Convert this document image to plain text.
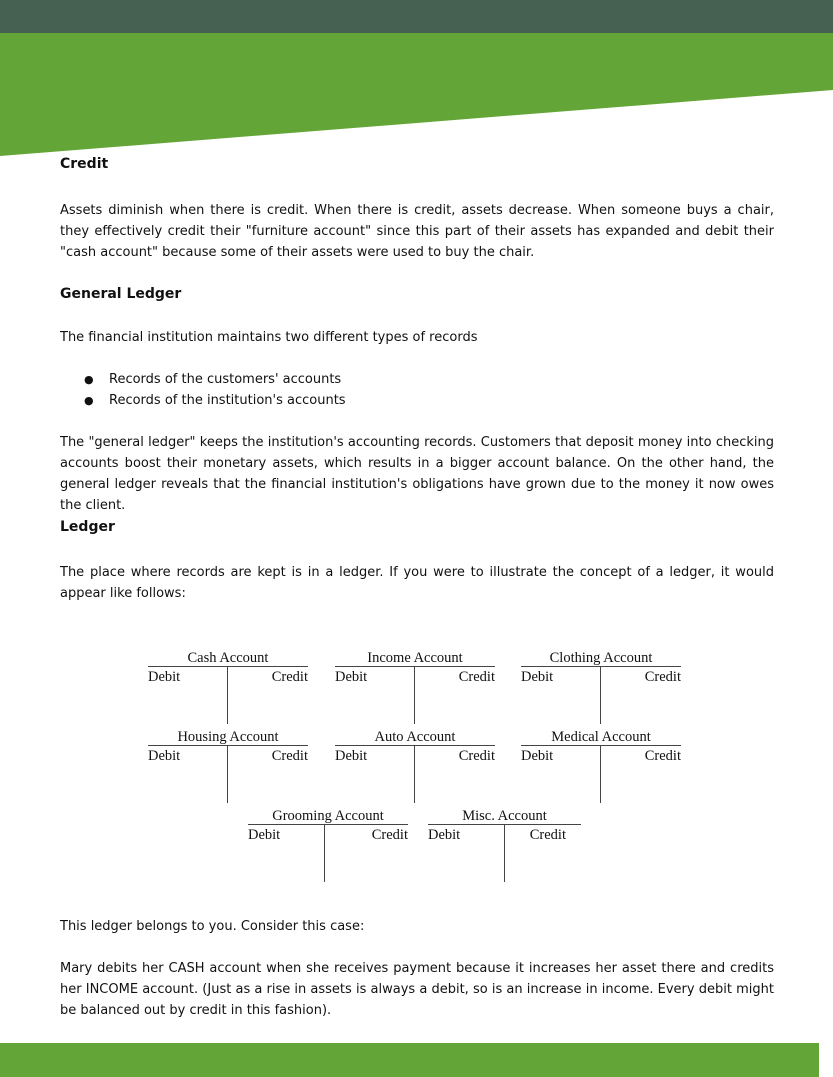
Credit
Assets diminish when there is credit. When there is credit, assets decrease. When someone buys a chair, they effectively credit their "furniture account" since this part of their assets has expanded and debit their "cash account" because some of their assets were used to buy the chair.
General Ledger
The financial institution maintains two different types of records
● Records of the customers' accounts
● Records of the institution's accounts
The "general ledger" keeps the institution's accounting records. Customers that deposit money into checking accounts boost their monetary assets, which results in a bigger account balance. On the other hand, the general ledger reveals that the financial institution's obligations have grown due to the money it now owes the client.
Ledger
The place where records are kept is in a ledger. If you were to illustrate the concept of a ledger, it would appear like follows:
This ledger belongs to you. Consider this case:
Mary debits her CASH account when she receives payment because it increases her asset there and credits her INCOME account. (Just as a rise in assets is always a debit, so is an increase in income. Every debit might be balanced out by credit in this fashion).
Cash Account
Debit	Credit
Income Account
Debit	Credit
Clothing Account
Debit	Credit
Housing Account
Debit	Credit
Auto Account
Debit	Credit
Medical Account
Debit	Credit
Grooming Account
Debit	Credit
Misc. Account
Debit	Credit
